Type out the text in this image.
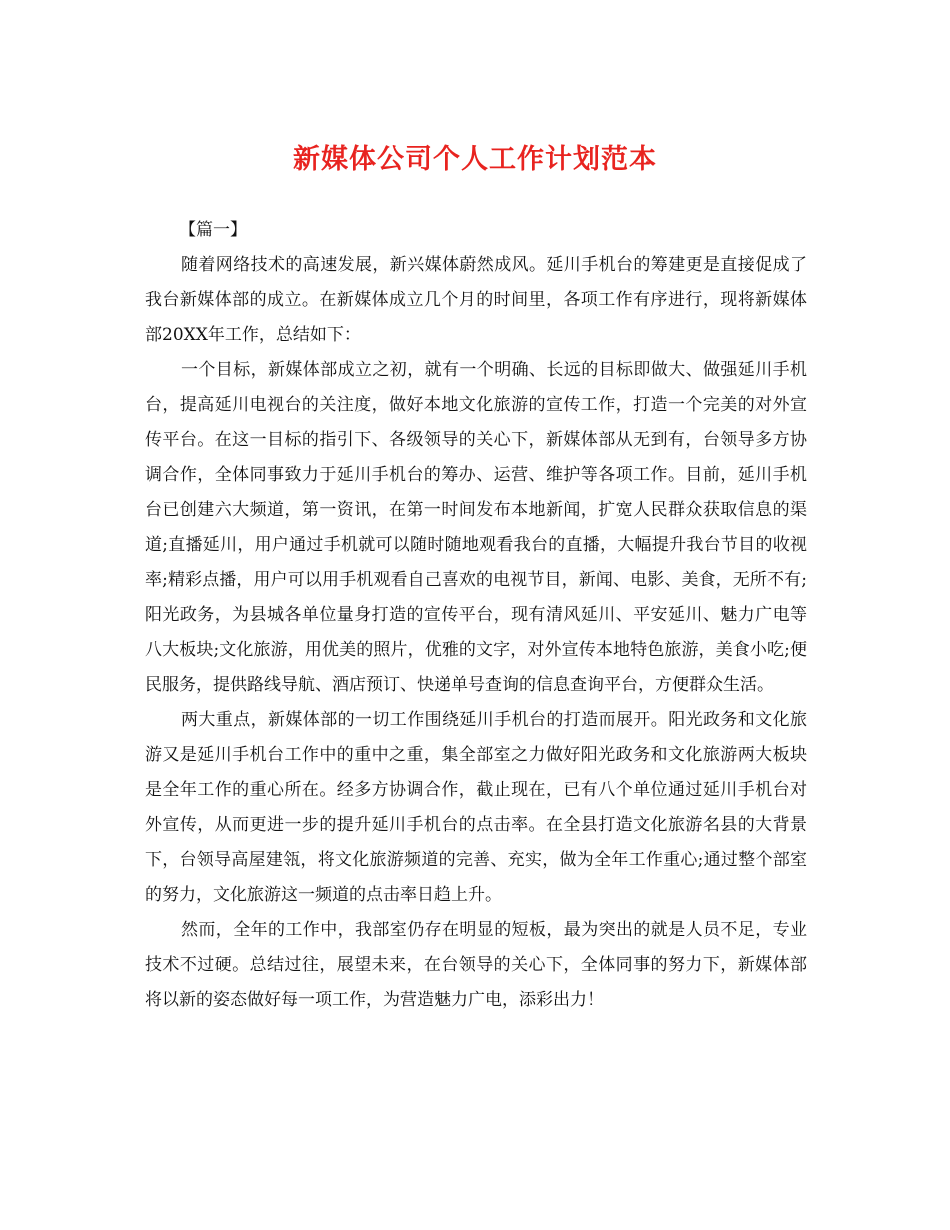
新媒体公司个人工作计划范本

【篇一】

随着网络技术的高速发展，新兴媒体蔚然成风。延川手机台的筹建更是直接促成了我台新媒体部的成立。在新媒体成立几个月的时间里，各项工作有序进行，现将新媒体部20XX年工作，总结如下：

一个目标，新媒体部成立之初，就有一个明确、长远的目标即做大、做强延川手机台，提高延川电视台的关注度，做好本地文化旅游的宣传工作，打造一个完美的对外宣传平台。在这一目标的指引下、各级领导的关心下，新媒体部从无到有，台领导多方协调合作，全体同事致力于延川手机台的筹办、运营、维护等各项工作。目前，延川手机台已创建六大频道，第一资讯，在第一时间发布本地新闻，扩宽人民群众获取信息的渠道;直播延川，用户通过手机就可以随时随地观看我台的直播，大幅提升我台节目的收视率;精彩点播，用户可以用手机观看自己喜欢的电视节目，新闻、电影、美食，无所不有;阳光政务，为县城各单位量身打造的宣传平台，现有清风延川、平安延川、魅力广电等八大板块;文化旅游，用优美的照片，优雅的文字，对外宣传本地特色旅游，美食小吃;便民服务，提供路线导航、酒店预订、快递单号查询的信息查询平台，方便群众生活。

两大重点，新媒体部的一切工作围绕延川手机台的打造而展开。阳光政务和文化旅游又是延川手机台工作中的重中之重，集全部室之力做好阳光政务和文化旅游两大板块是全年工作的重心所在。经多方协调合作，截止现在，已有八个单位通过延川手机台对外宣传，从而更进一步的提升延川手机台的点击率。在全县打造文化旅游名县的大背景下，台领导高屋建瓴，将文化旅游频道的完善、充实，做为全年工作重心;通过整个部室的努力，文化旅游这一频道的点击率日趋上升。

然而，全年的工作中，我部室仍存在明显的短板，最为突出的就是人员不足，专业技术不过硬。总结过往，展望未来，在台领导的关心下，全体同事的努力下，新媒体部将以新的姿态做好每一项工作，为营造魅力广电，添彩出力！
